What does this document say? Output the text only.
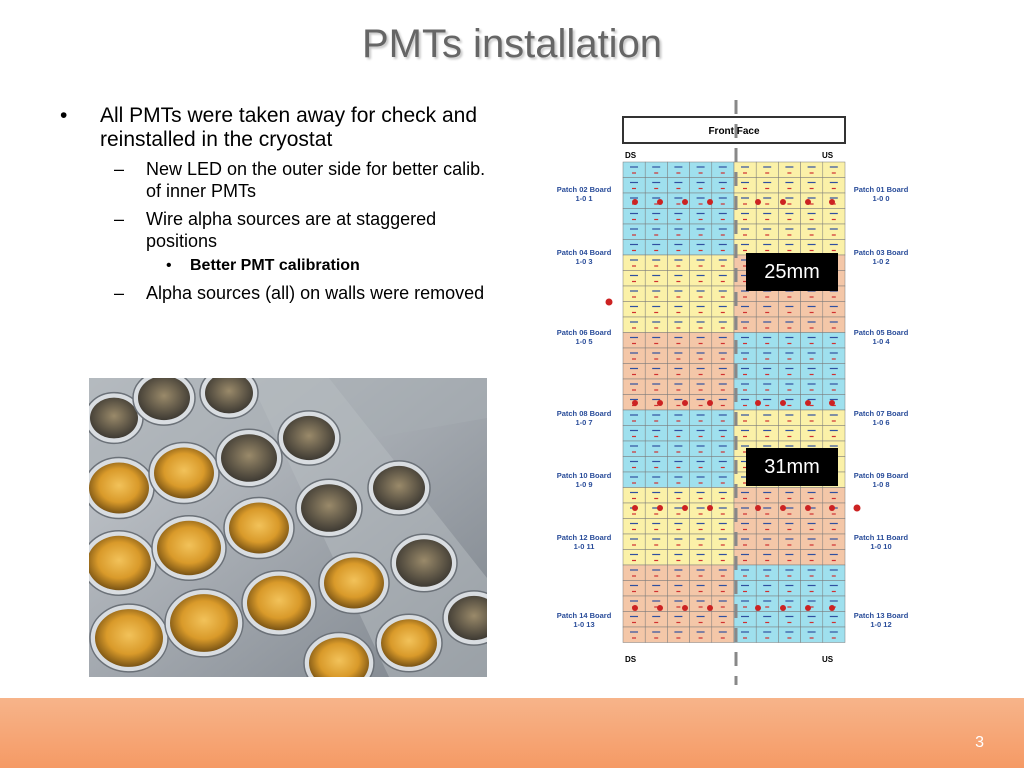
PMTs installation
• All PMTs were taken away for check and reinstalled in the cryostat
– New LED on the outer side for better calib. of inner PMTs
– Wire alpha sources are at staggered positions
• Better PMT calibration
– Alpha sources (all) on walls were removed
Front Face
DS	US
Patch 02 Board
1-0 1
Patch 04 Board
1-0 3
Patch 06 Board
1-0 5
Patch 08 Board
1-0 7
Patch 10 Board
1-0 9
Patch 12 Board
1-0 11
Patch 14 Board
1-0 13
Patch 01 Board
1-0 0
Patch 03 Board
1-0 2
Patch 05 Board
1-0 4
Patch 07 Board
1-0 6
Patch 09 Board
1-0 8
Patch 11 Board
1-0 10
Patch 13 Board
1-0 12
DS	US
25mm
31mm
3
